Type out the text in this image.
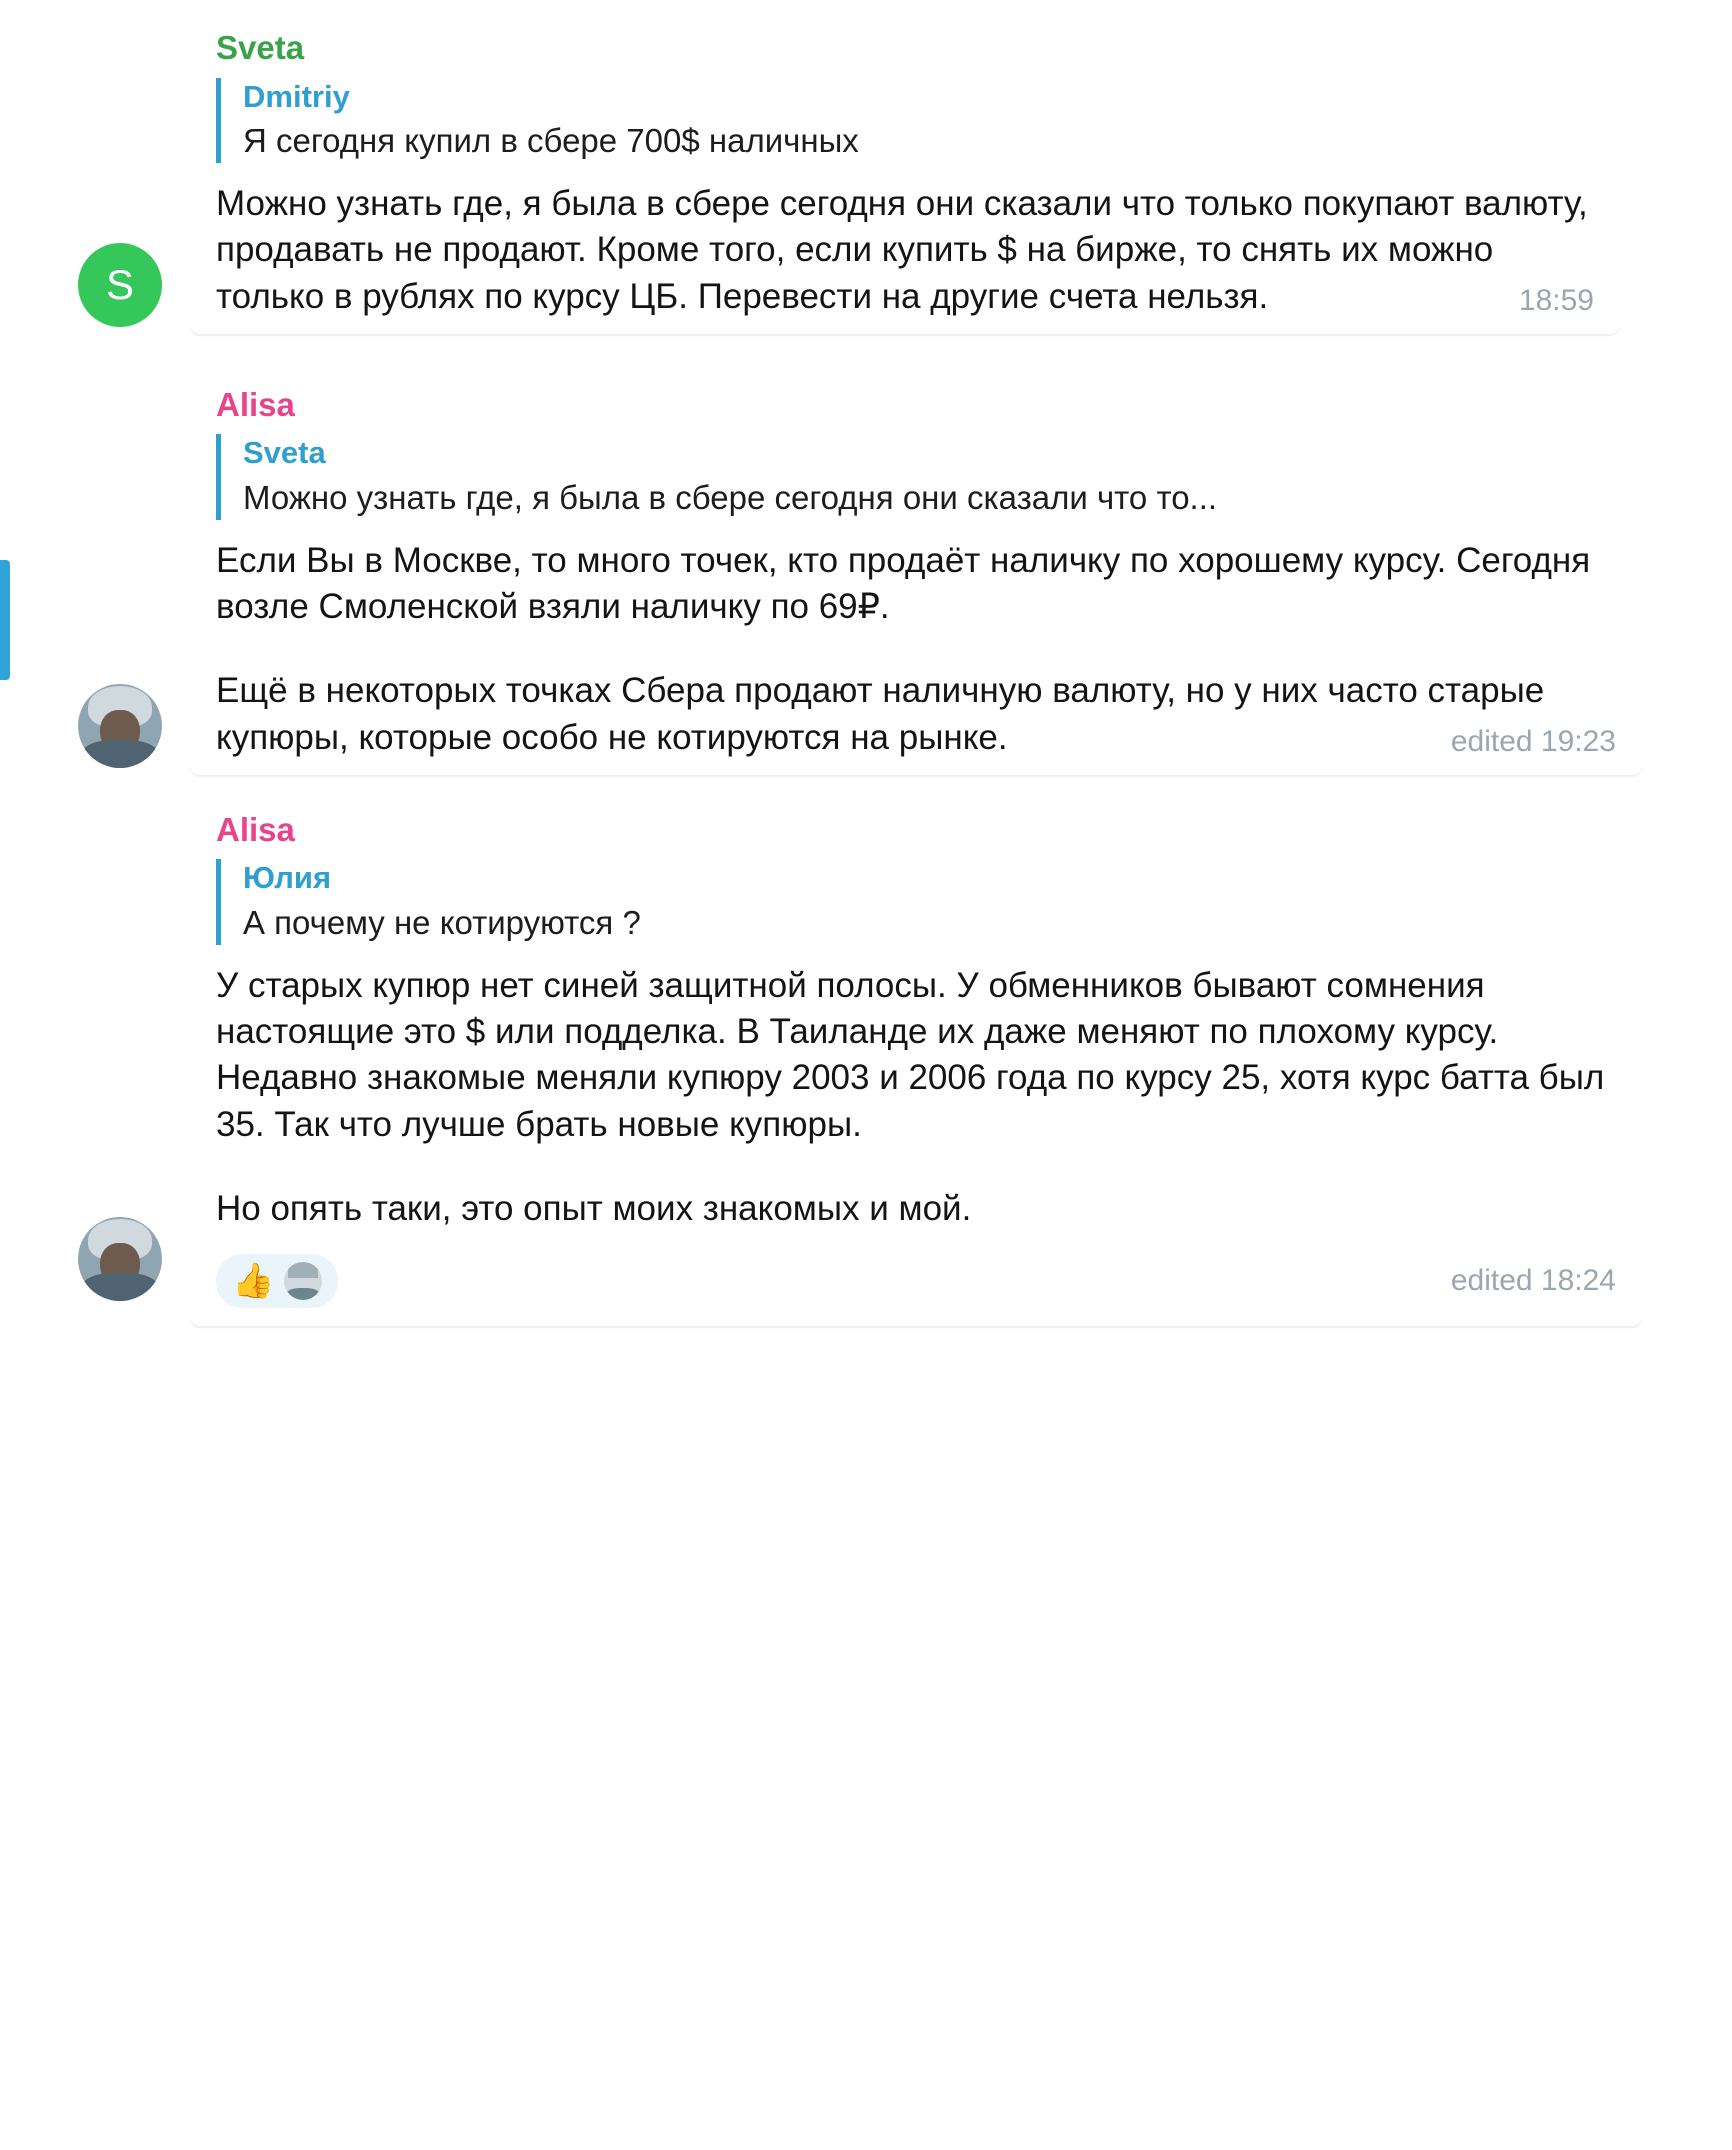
S
Sveta
Dmitriy
Я сегодня купил в сбере 700$ наличных
Можно узнать где, я была в сбере сегодня они сказали что только покупают валюту, продавать не продают. Кроме того, если купить $ на бирже, то снять их можно только в рублях по курсу ЦБ. Перевести на другие счета нельзя.	18:59
Alisa
Sveta
Можно узнать где, я была в сбере сегодня они сказали что то...
Если Вы в Москве, то много точек, кто продаёт наличку по хорошему курсу. Сегодня возле Смоленской взяли наличку по 69₽.
Ещё в некоторых точках Сбера продают наличную валюту, но у них часто старые купюры, которые особо не котируются на рынке.	edited 19:23
Alisa
Юлия
А почему не котируются ?
У старых купюр нет синей защитной полосы. У обменников бывают сомнения настоящие это $ или подделка. В Таиланде их даже меняют по плохому курсу. Недавно знакомые меняли купюру 2003 и 2006 года по курсу 25, хотя курс батта был 35. Так что лучше брать новые купюры.
Но опять таки, это опыт моих знакомых и мой.
👍	edited 18:24
